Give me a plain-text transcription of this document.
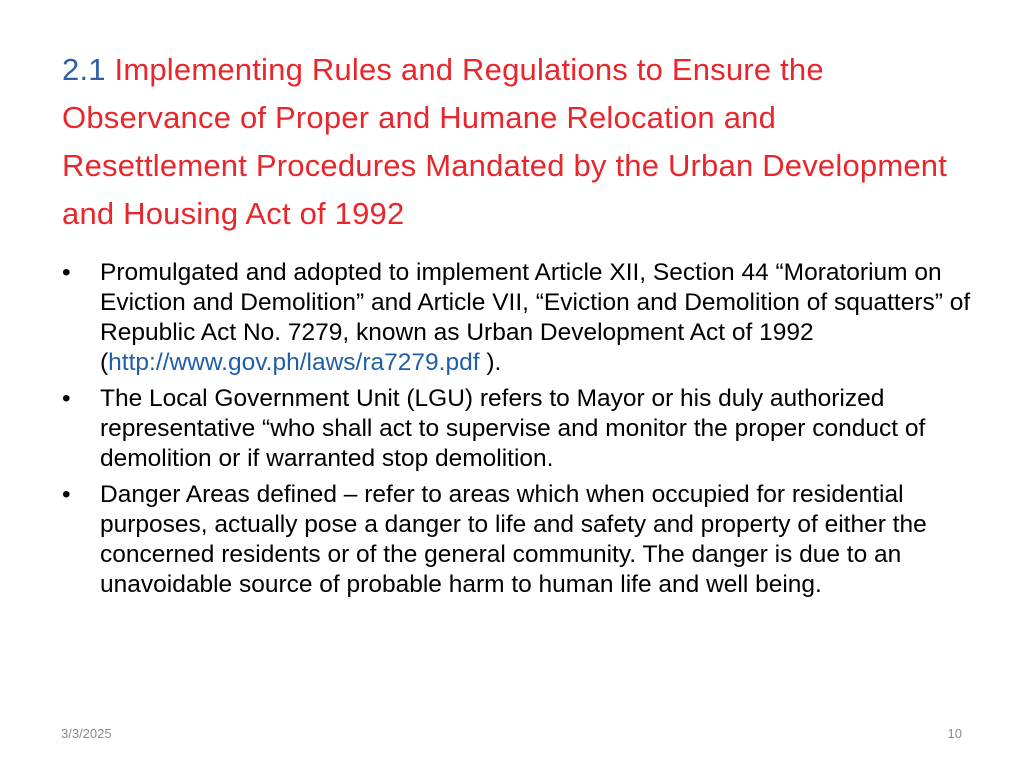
2.1 Implementing Rules and Regulations to Ensure the Observance of Proper and Humane Relocation and Resettlement Procedures Mandated by the Urban Development and Housing Act of 1992
• Promulgated and adopted to implement Article XII, Section 44 “Moratorium on Eviction and Demolition” and Article VII, “Eviction and Demolition of squatters” of Republic Act No. 7279, known as Urban Development Act of 1992 (http://www.gov.ph/laws/ra7279.pdf ).
• The Local Government Unit (LGU) refers to Mayor or his duly authorized representative “who shall act to supervise and monitor the proper conduct of demolition or if warranted stop demolition.
• Danger Areas defined – refer to areas which when occupied for residential purposes, actually pose a danger to life and safety and property of either the concerned residents or of the general community. The danger is due to an unavoidable source of probable harm to human life and well being.
3/3/2025	10
